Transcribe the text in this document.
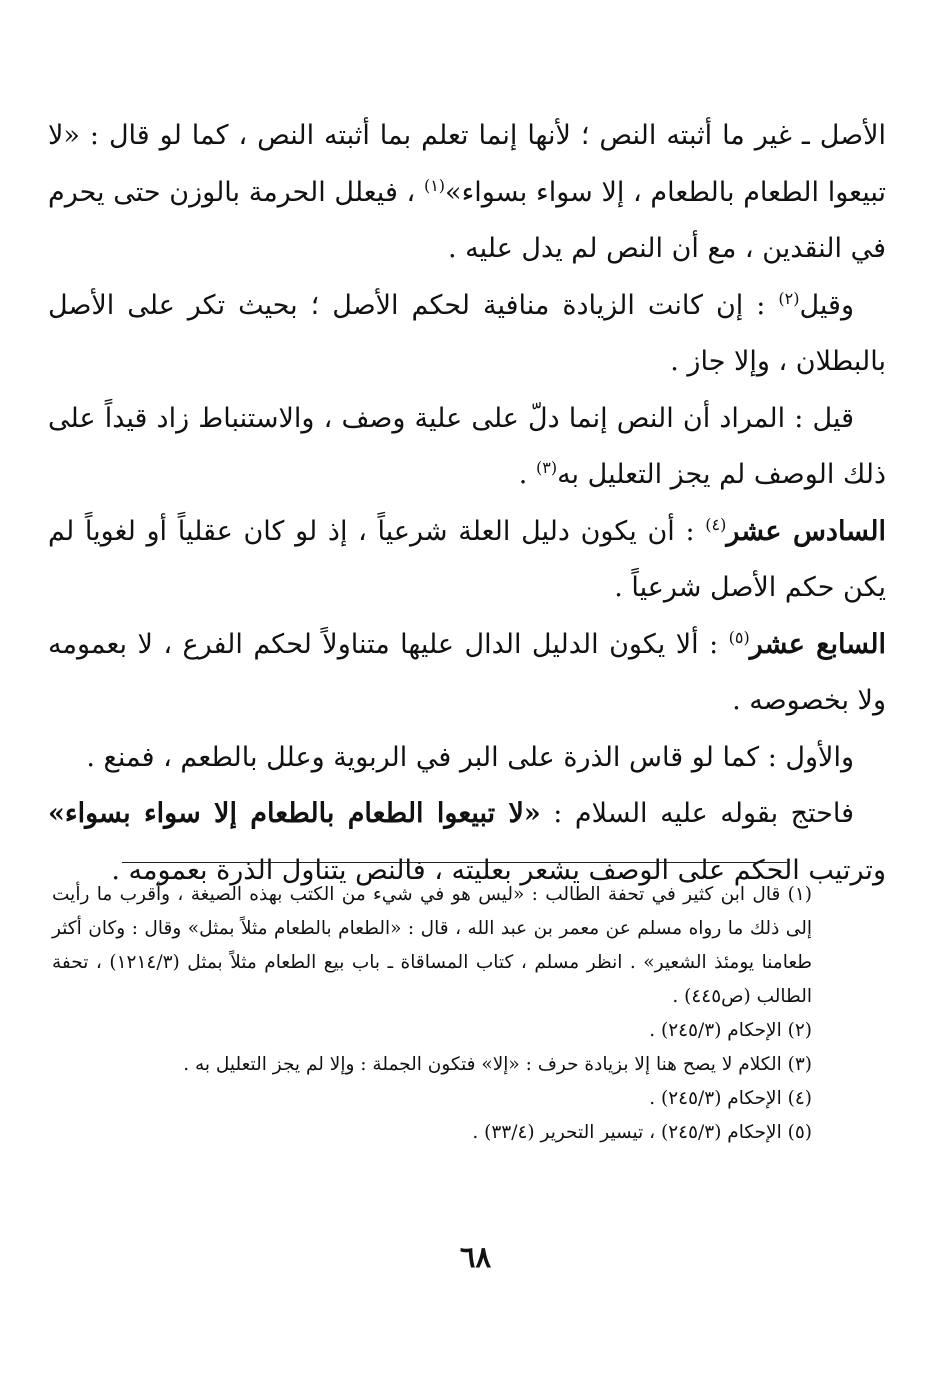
الأصل ـ غير ما أثبته النص ؛ لأنها إنما تعلم بما أثبته النص ، كما لو قال : «لا تبيعوا الطعام بالطعام ، إلا سواء بسواء»$^{(١)}$ ، فيعلل الحرمة بالوزن حتى يحرم في النقدين ، مع أن النص لم يدل عليه .

وقيل$^{(٢)}$ : إن كانت الزيادة منافية لحكم الأصل ؛ بحيث تكر على الأصل بالبطلان ، وإلا جاز .

قيل : المراد أن النص إنما دلّ على علية وصف ، والاستنباط زاد قيداً على ذلك الوصف لم يجز التعليل به$^{(٣)}$ .

السادس عشر$^{(٤)}$ : أن يكون دليل العلة شرعياً ، إذ لو كان عقلياً أو لغوياً لم يكن حكم الأصل شرعياً .

السابع عشر$^{(٥)}$ : ألا يكون الدليل الدال عليها متناولاً لحكم الفرع ، لا بعمومه ولا بخصوصه .

والأول : كما لو قاس الذرة على البر في الربوية وعلل بالطعم ، فمنع .

فاحتج بقوله عليه السلام : «لا تبيعوا الطعام بالطعام إلا سواء بسواء» وترتيب الحكم على الوصف يشعر بعليته ، فالنص يتناول الذرة بعمومه .

(١) قال ابن كثير في تحفة الطالب : «ليس هو في شيء من الكتب بهذه الصيغة ، وأقرب ما رأيت إلى ذلك ما رواه مسلم عن معمر بن عبد الله ، قال : «الطعام بالطعام مثلاً بمثل» وقال : وكان أكثر طعامنا يومئذ الشعير» . انظر مسلم ، كتاب المساقاة ـ باب بيع الطعام مثلاً بمثل (١٢١٤/٣) ، تحفة الطالب (ص٤٤٥) .

(٢) الإحكام (٢٤٥/٣) .

(٣) الكلام لا يصح هنا إلا بزيادة حرف : «إلا» فتكون الجملة : وإلا لم يجز التعليل به .

(٤) الإحكام (٢٤٥/٣) .

(٥) الإحكام (٢٤٥/٣) ، تيسير التحرير (٣٣/٤) .

٦٨
